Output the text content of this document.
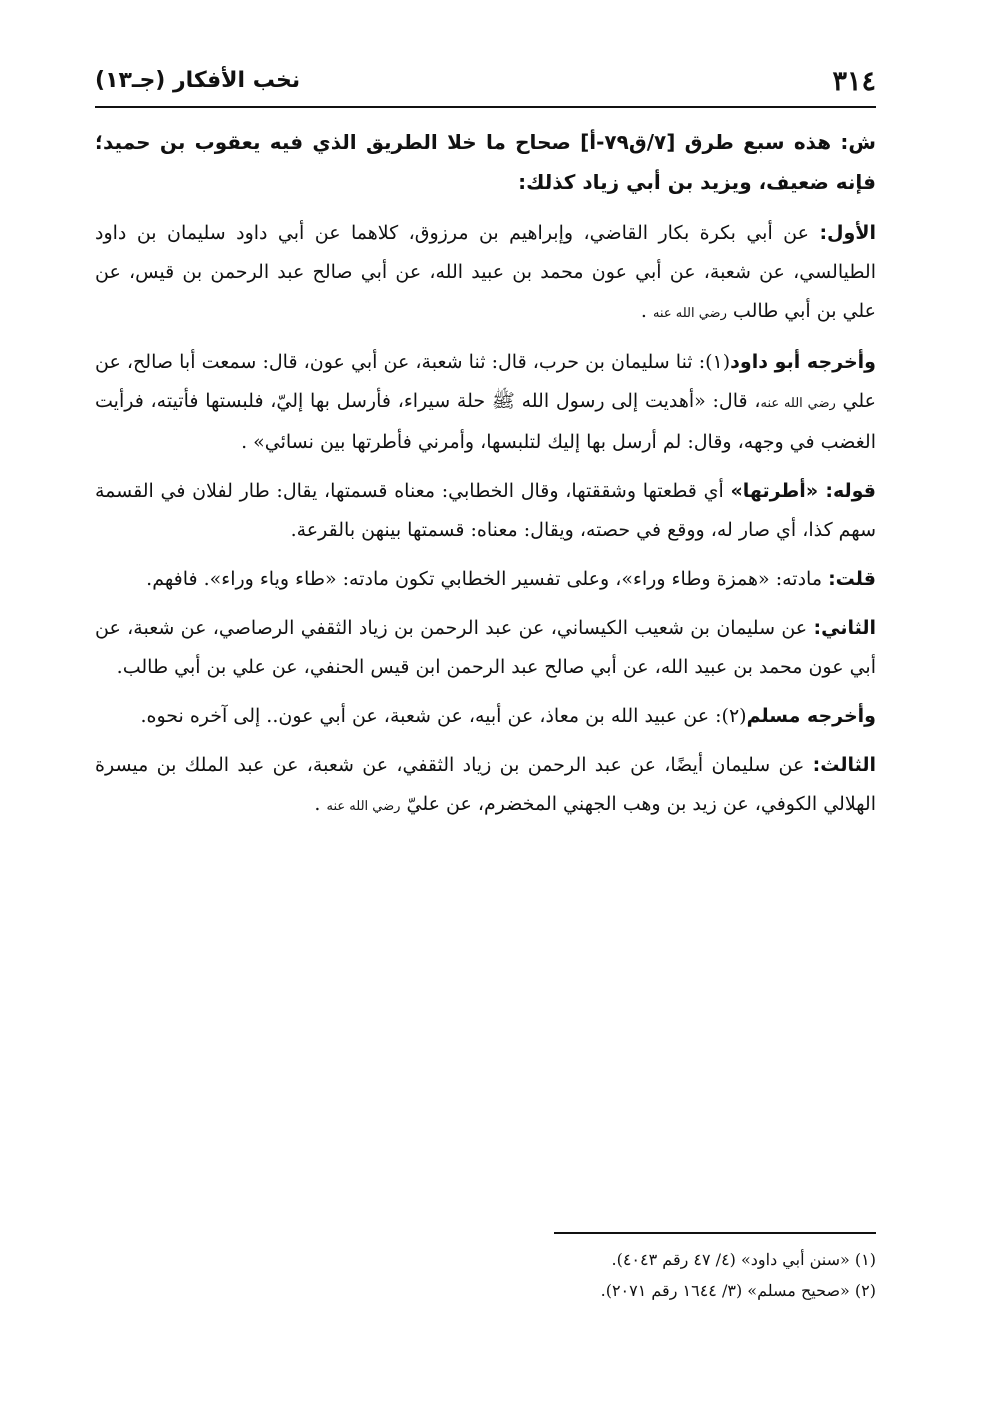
٣١٤
نخب الأفكار (جـ١٣)

ش: هذه سبع طرق [٧/ق٧٩-أ] صحاح ما خلا الطريق الذي فيه يعقوب بن حميد؛ فإنه ضعيف، ويزيد بن أبي زياد كذلك:

الأول: عن أبي بكرة بكار القاضي، وإبراهيم بن مرزوق، كلاهما عن أبي داود سليمان بن داود الطيالسي، عن شعبة، عن أبي عون محمد بن عبيد الله، عن أبي صالح عبد الرحمن بن قيس، عن علي بن أبي طالب رضي الله عنه .

وأخرجه أبو داود(١): ثنا سليمان بن حرب، قال: ثنا شعبة، عن أبي عون، قال: سمعت أبا صالح، عن علي رضي الله عنه، قال: «أهديت إلى رسول الله ﷺ حلة سيراء، فأرسل بها إليّ، فلبستها فأتيته، فرأيت الغضب في وجهه، وقال: لم أرسل بها إليك لتلبسها، وأمرني فأطرتها بين نسائي» .

قوله: «أطرتها» أي قطعتها وشققتها، وقال الخطابي: معناه قسمتها، يقال: طار لفلان في القسمة سهم كذا، أي صار له، ووقع في حصته، ويقال: معناه: قسمتها بينهن بالقرعة.

قلت: مادته: «همزة وطاء وراء»، وعلى تفسير الخطابي تكون مادته: «طاء وياء وراء». فافهم.

الثاني: عن سليمان بن شعيب الكيساني، عن عبد الرحمن بن زياد الثقفي الرصاصي، عن شعبة، عن أبي عون محمد بن عبيد الله، عن أبي صالح عبد الرحمن ابن قيس الحنفي، عن علي بن أبي طالب.

وأخرجه مسلم(٢): عن عبيد الله بن معاذ، عن أبيه، عن شعبة، عن أبي عون.. إلى آخره نحوه.

الثالث: عن سليمان أيضًا، عن عبد الرحمن بن زياد الثقفي، عن شعبة، عن عبد الملك بن ميسرة الهلالي الكوفي، عن زيد بن وهب الجهني المخضرم، عن عليّ رضي الله عنه .

(١) «سنن أبي داود» (٤/ ٤٧ رقم ٤٠٤٣).

(٢) «صحيح مسلم» (٣/ ١٦٤٤ رقم ٢٠٧١).
